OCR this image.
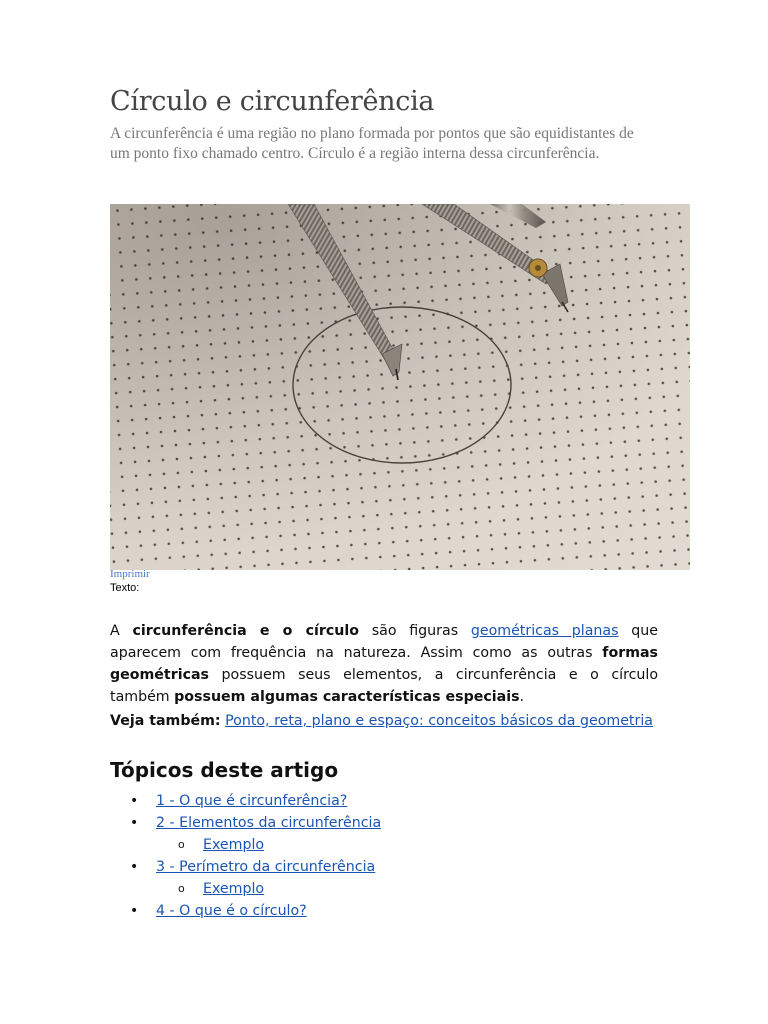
Círculo e circunferência

A circunferência é uma região no plano formada por pontos que são equidistantes de um ponto fixo chamado centro. Círculo é a região interna dessa circunferência.

Imprimir
Texto:

A circunferência e o círculo são figuras geométricas planas que aparecem com frequência na natureza. Assim como as outras formas geométricas possuem seus elementos, a circunferência e o círculo também possuem algumas características especiais.

Veja também: Ponto, reta, plano e espaço: conceitos básicos da geometria

Tópicos deste artigo
• 1 - O que é circunferência?
• 2 - Elementos da circunferência
o Exemplo
• 3 - Perímetro da circunferência
o Exemplo
• 4 - O que é o círculo?
